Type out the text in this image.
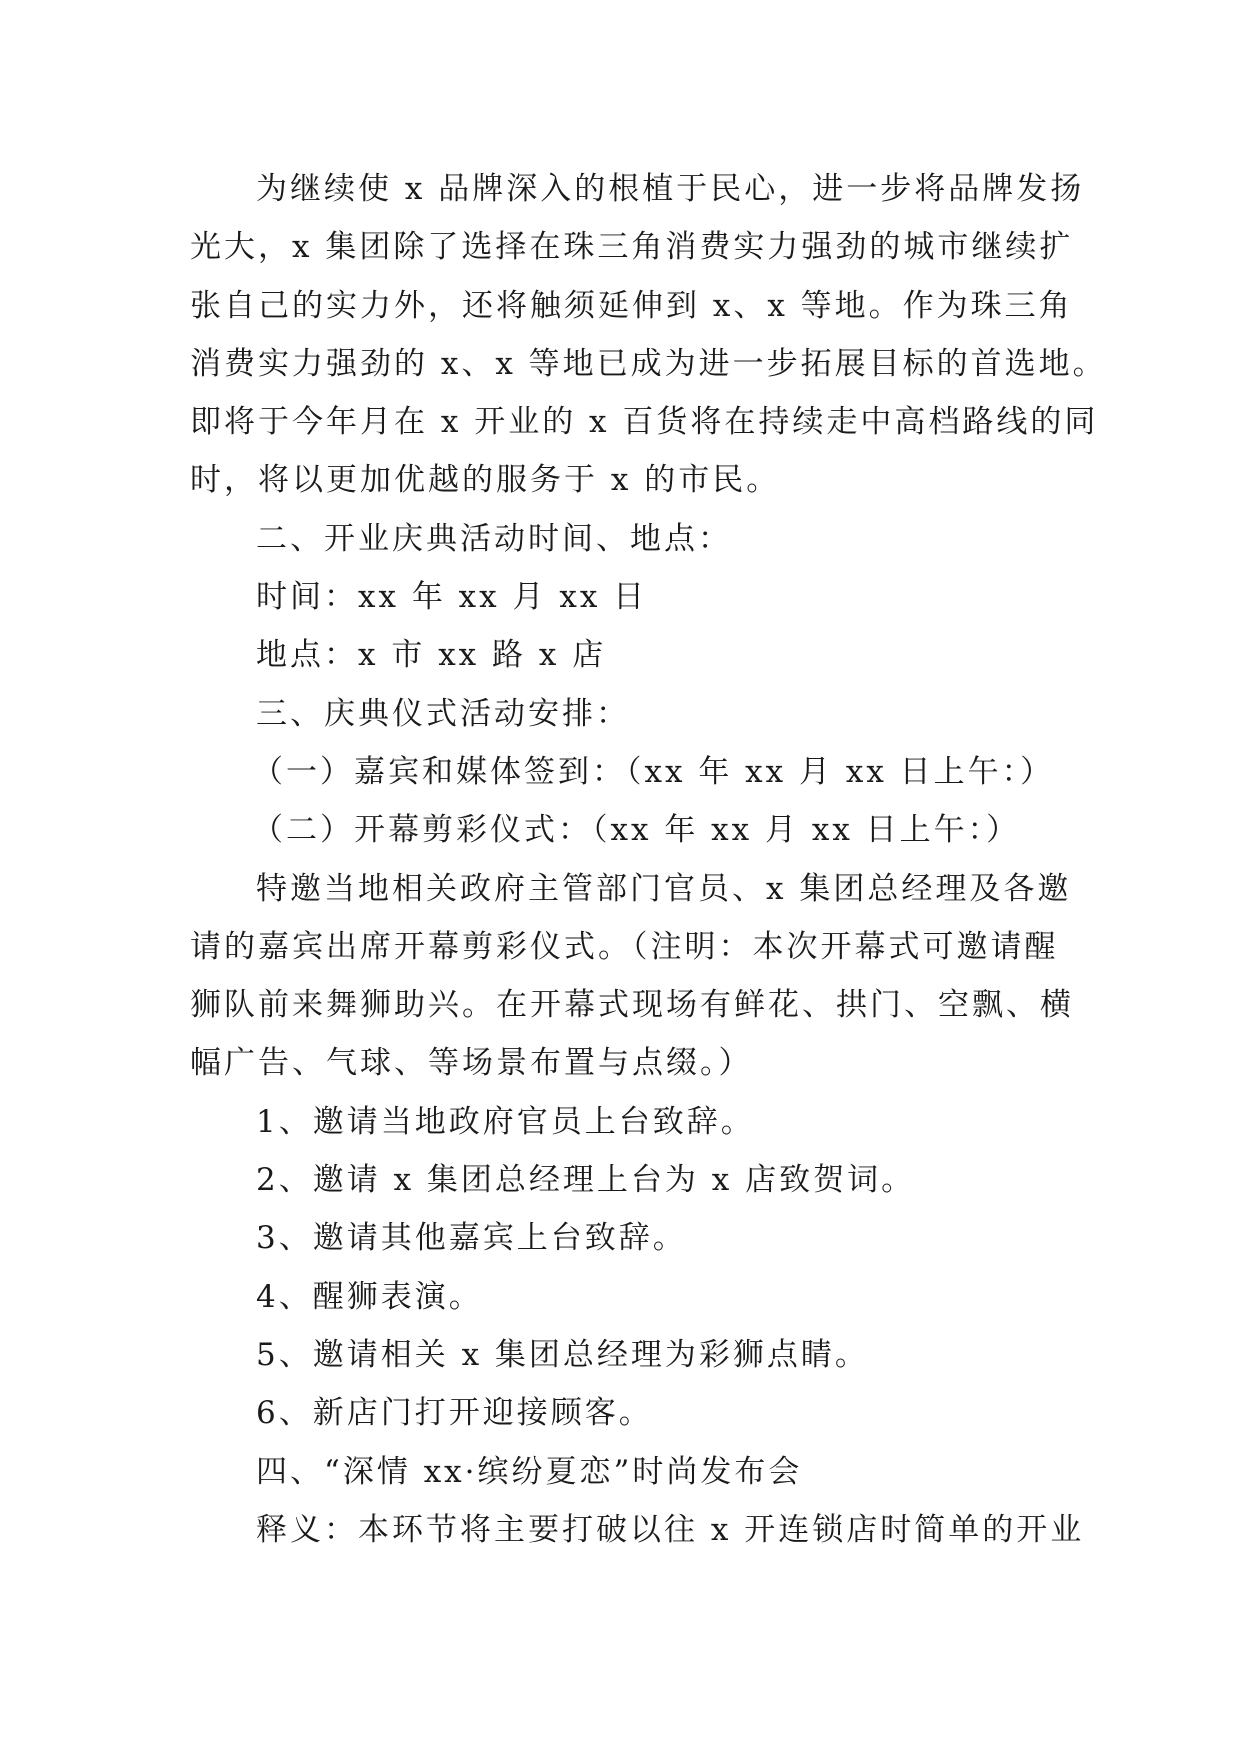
为继续使 x 品牌深入的根植于民心，进一步将品牌发扬

光大，x 集团除了选择在珠三角消费实力强劲的城市继续扩

张自己的实力外，还将触须延伸到 x、x 等地。作为珠三角

消费实力强劲的 x、x 等地已成为进一步拓展目标的首选地。

即将于今年月在 x 开业的 x 百货将在持续走中高档路线的同

时，将以更加优越的服务于 x 的市民。

二、开业庆典活动时间、地点：

时间：xx 年 xx 月 xx 日

地点：x 市 xx 路 x 店

三、庆典仪式活动安排：

（一）嘉宾和媒体签到：（xx 年 xx 月 xx 日上午：）

（二）开幕剪彩仪式：（xx 年 xx 月 xx 日上午：）

特邀当地相关政府主管部门官员、x 集团总经理及各邀

请的嘉宾出席开幕剪彩仪式。（注明：本次开幕式可邀请醒

狮队前来舞狮助兴。在开幕式现场有鲜花、拱门、空飘、横

幅广告、气球、等场景布置与点缀。）

1、邀请当地政府官员上台致辞。

2、邀请 x 集团总经理上台为 x 店致贺词。

3、邀请其他嘉宾上台致辞。

4、醒狮表演。

5、邀请相关 x 集团总经理为彩狮点睛。

6、新店门打开迎接顾客。

四、“深情 xx·缤纷夏恋”时尚发布会

释义：本环节将主要打破以往 x 开连锁店时简单的开业
